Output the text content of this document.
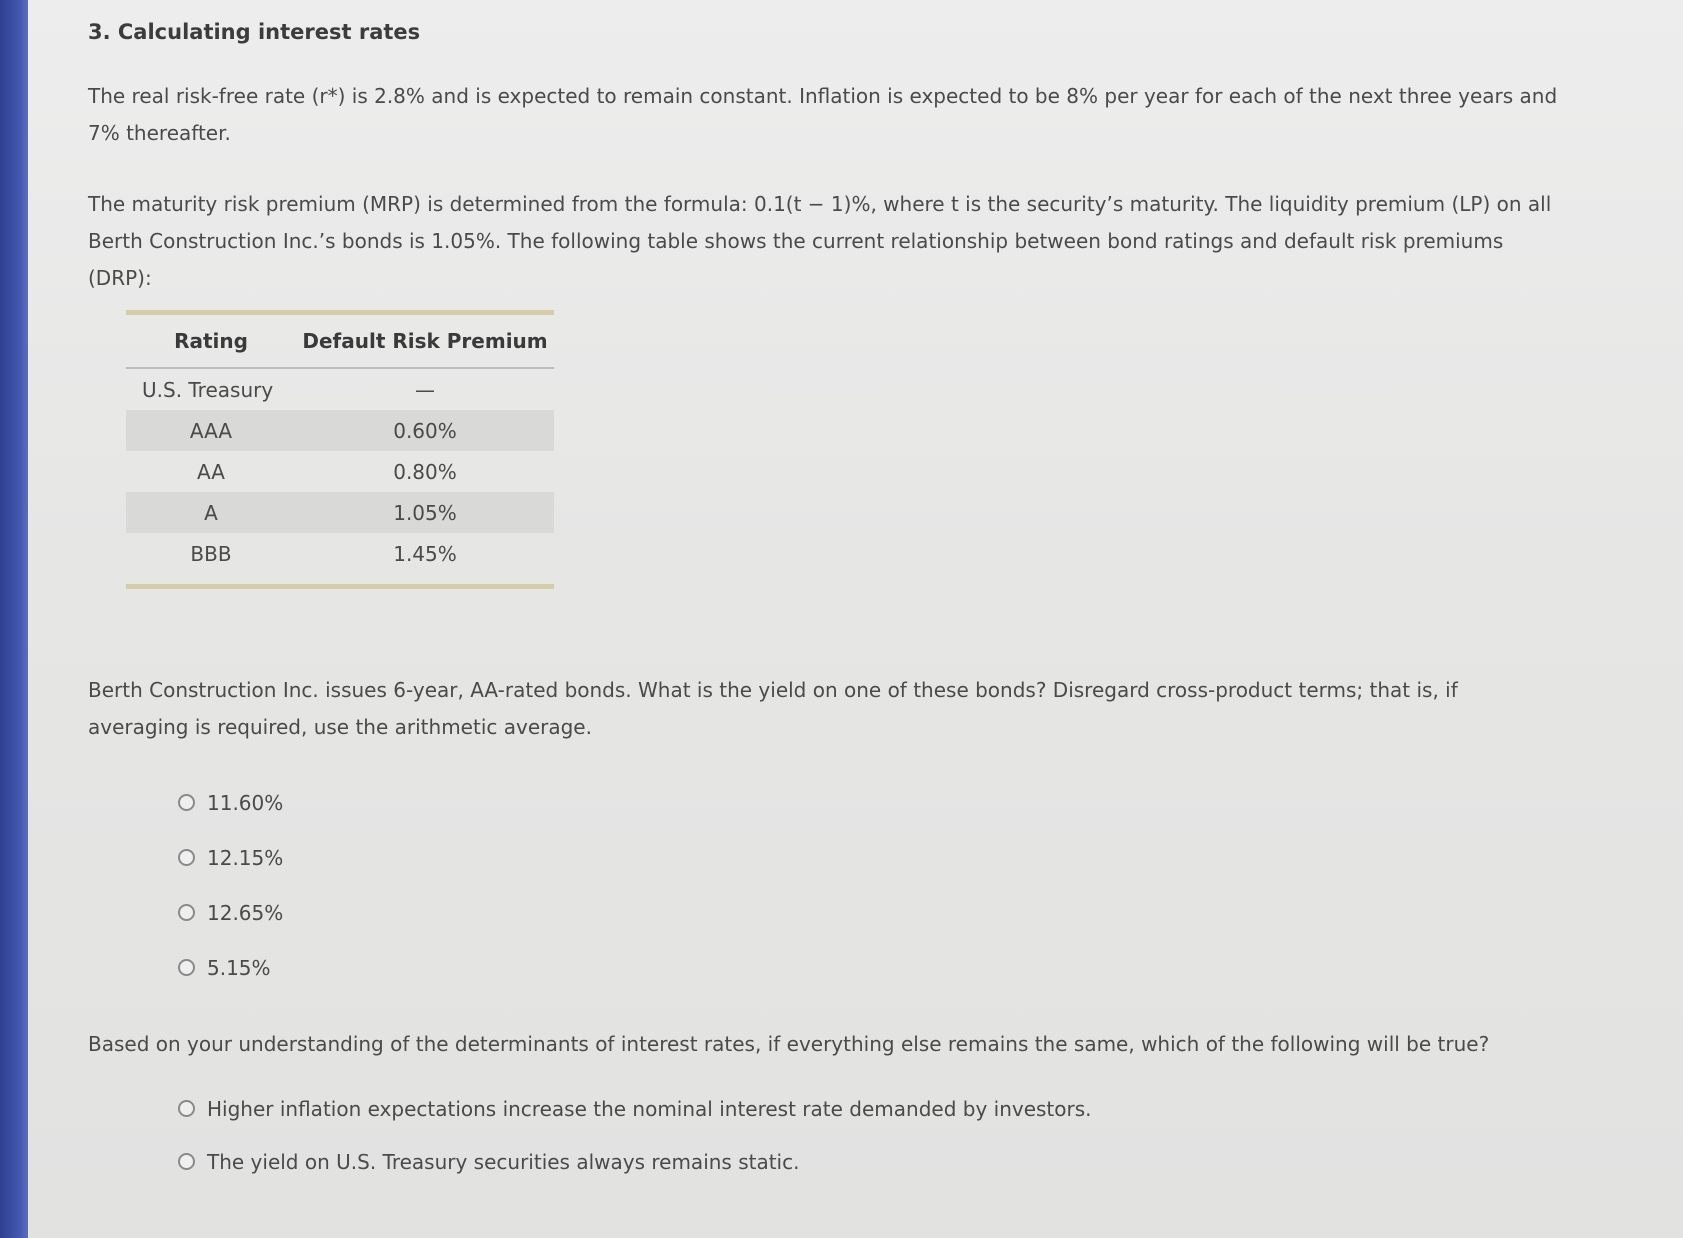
3. Calculating interest rates
The real risk-free rate (r*) is 2.8% and is expected to remain constant. Inflation is expected to be 8% per year for each of the next three years and 7% thereafter.
The maturity risk premium (MRP) is determined from the formula: 0.1(t − 1)%, where t is the security’s maturity. The liquidity premium (LP) on all Berth Construction Inc.’s bonds is 1.05%. The following table shows the current relationship between bond ratings and default risk premiums (DRP):
Rating	Default Risk Premium
U.S. Treasury	—
AAA	0.60%
AA	0.80%
A	1.05%
BBB	1.45%
Berth Construction Inc. issues 6-year, AA-rated bonds. What is the yield on one of these bonds? Disregard cross-product terms; that is, if averaging is required, use the arithmetic average.
11.60%
12.15%
12.65%
5.15%
Based on your understanding of the determinants of interest rates, if everything else remains the same, which of the following will be true?
Higher inflation expectations increase the nominal interest rate demanded by investors.
The yield on U.S. Treasury securities always remains static.
